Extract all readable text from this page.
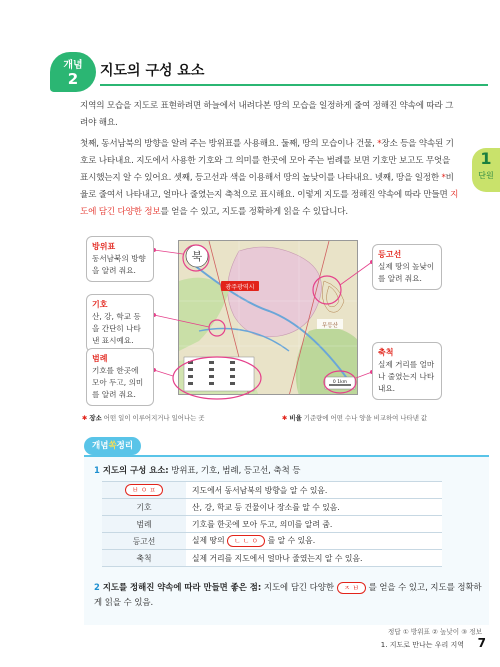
개념
2	지도의 구성 요소
1
단원

지역의 모습을 지도로 표현하려면 하늘에서 내려다본 땅의 모습을 일정하게 줄여 정해진 약속에 따라 그려야 해요.

첫째, 동서남북의 방향을 알려 주는 방위표를 사용해요. 둘째, 땅의 모습이나 건물, *장소 등을 약속된 기호로 나타내요. 지도에서 사용한 기호와 그 의미를 한곳에 모아 주는 범례를 보면 기호만 보고도 무엇을 표시했는지 알 수 있어요. 셋째, 등고선과 색을 이용해서 땅의 높낮이를 나타내요. 넷째, 땅을 일정한 *비율로 줄여서 나타내고, 얼마나 줄였는지 축척으로 표시해요. 이렇게 지도를 정해진 약속에 따라 만들면 지도에 담긴 다양한 정보를 얻을 수 있고, 지도를 정확하게 읽을 수 있답니다.

북
광주광역시
무등산
0 1km
방위표
동서남북의 방향을 알려 줘요.
기호
산, 강, 학교 등을 간단히 나타낸 표시예요.
범례
기호를 한곳에 모아 두고, 의미를 알려 줘요.
등고선
실제 땅의 높낮이를 알려 줘요.
축척
실제 거리를 얼마나 줄였는지 나타내요.
✱ 장소 어떤 일이 이루어지거나 일어나는 곳	✱ 비율 기준량에 어떤 수나 양을 비교하여 나타낸 값
개념쏙정리
1 지도의 구성 요소: 방위표, 기호, 범례, 등고선, 축척 등
ㅂ ㅇ ㅍ	지도에서 동서남북의 방향을 알 수 있음.
기호	산, 강, 학교 등 건물이나 장소를 알 수 있음.
범례	기호를 한곳에 모아 두고, 의미를 알려 줌.
등고선	실제 땅의 ㄴ ㄴ ㅇ 를 알 수 있음.
축척	실제 거리를 지도에서 얼마나 줄였는지 알 수 있음.
2 지도를 정해진 약속에 따라 만들면 좋은 점: 지도에 담긴 다양한 ㅈ ㅂ 를 얻을 수 있고, 지도를 정확하게 읽을 수 있음.
정답 ① 방위표 ② 높낮이 ③ 정보
1. 지도로 만나는 우리 지역 7
